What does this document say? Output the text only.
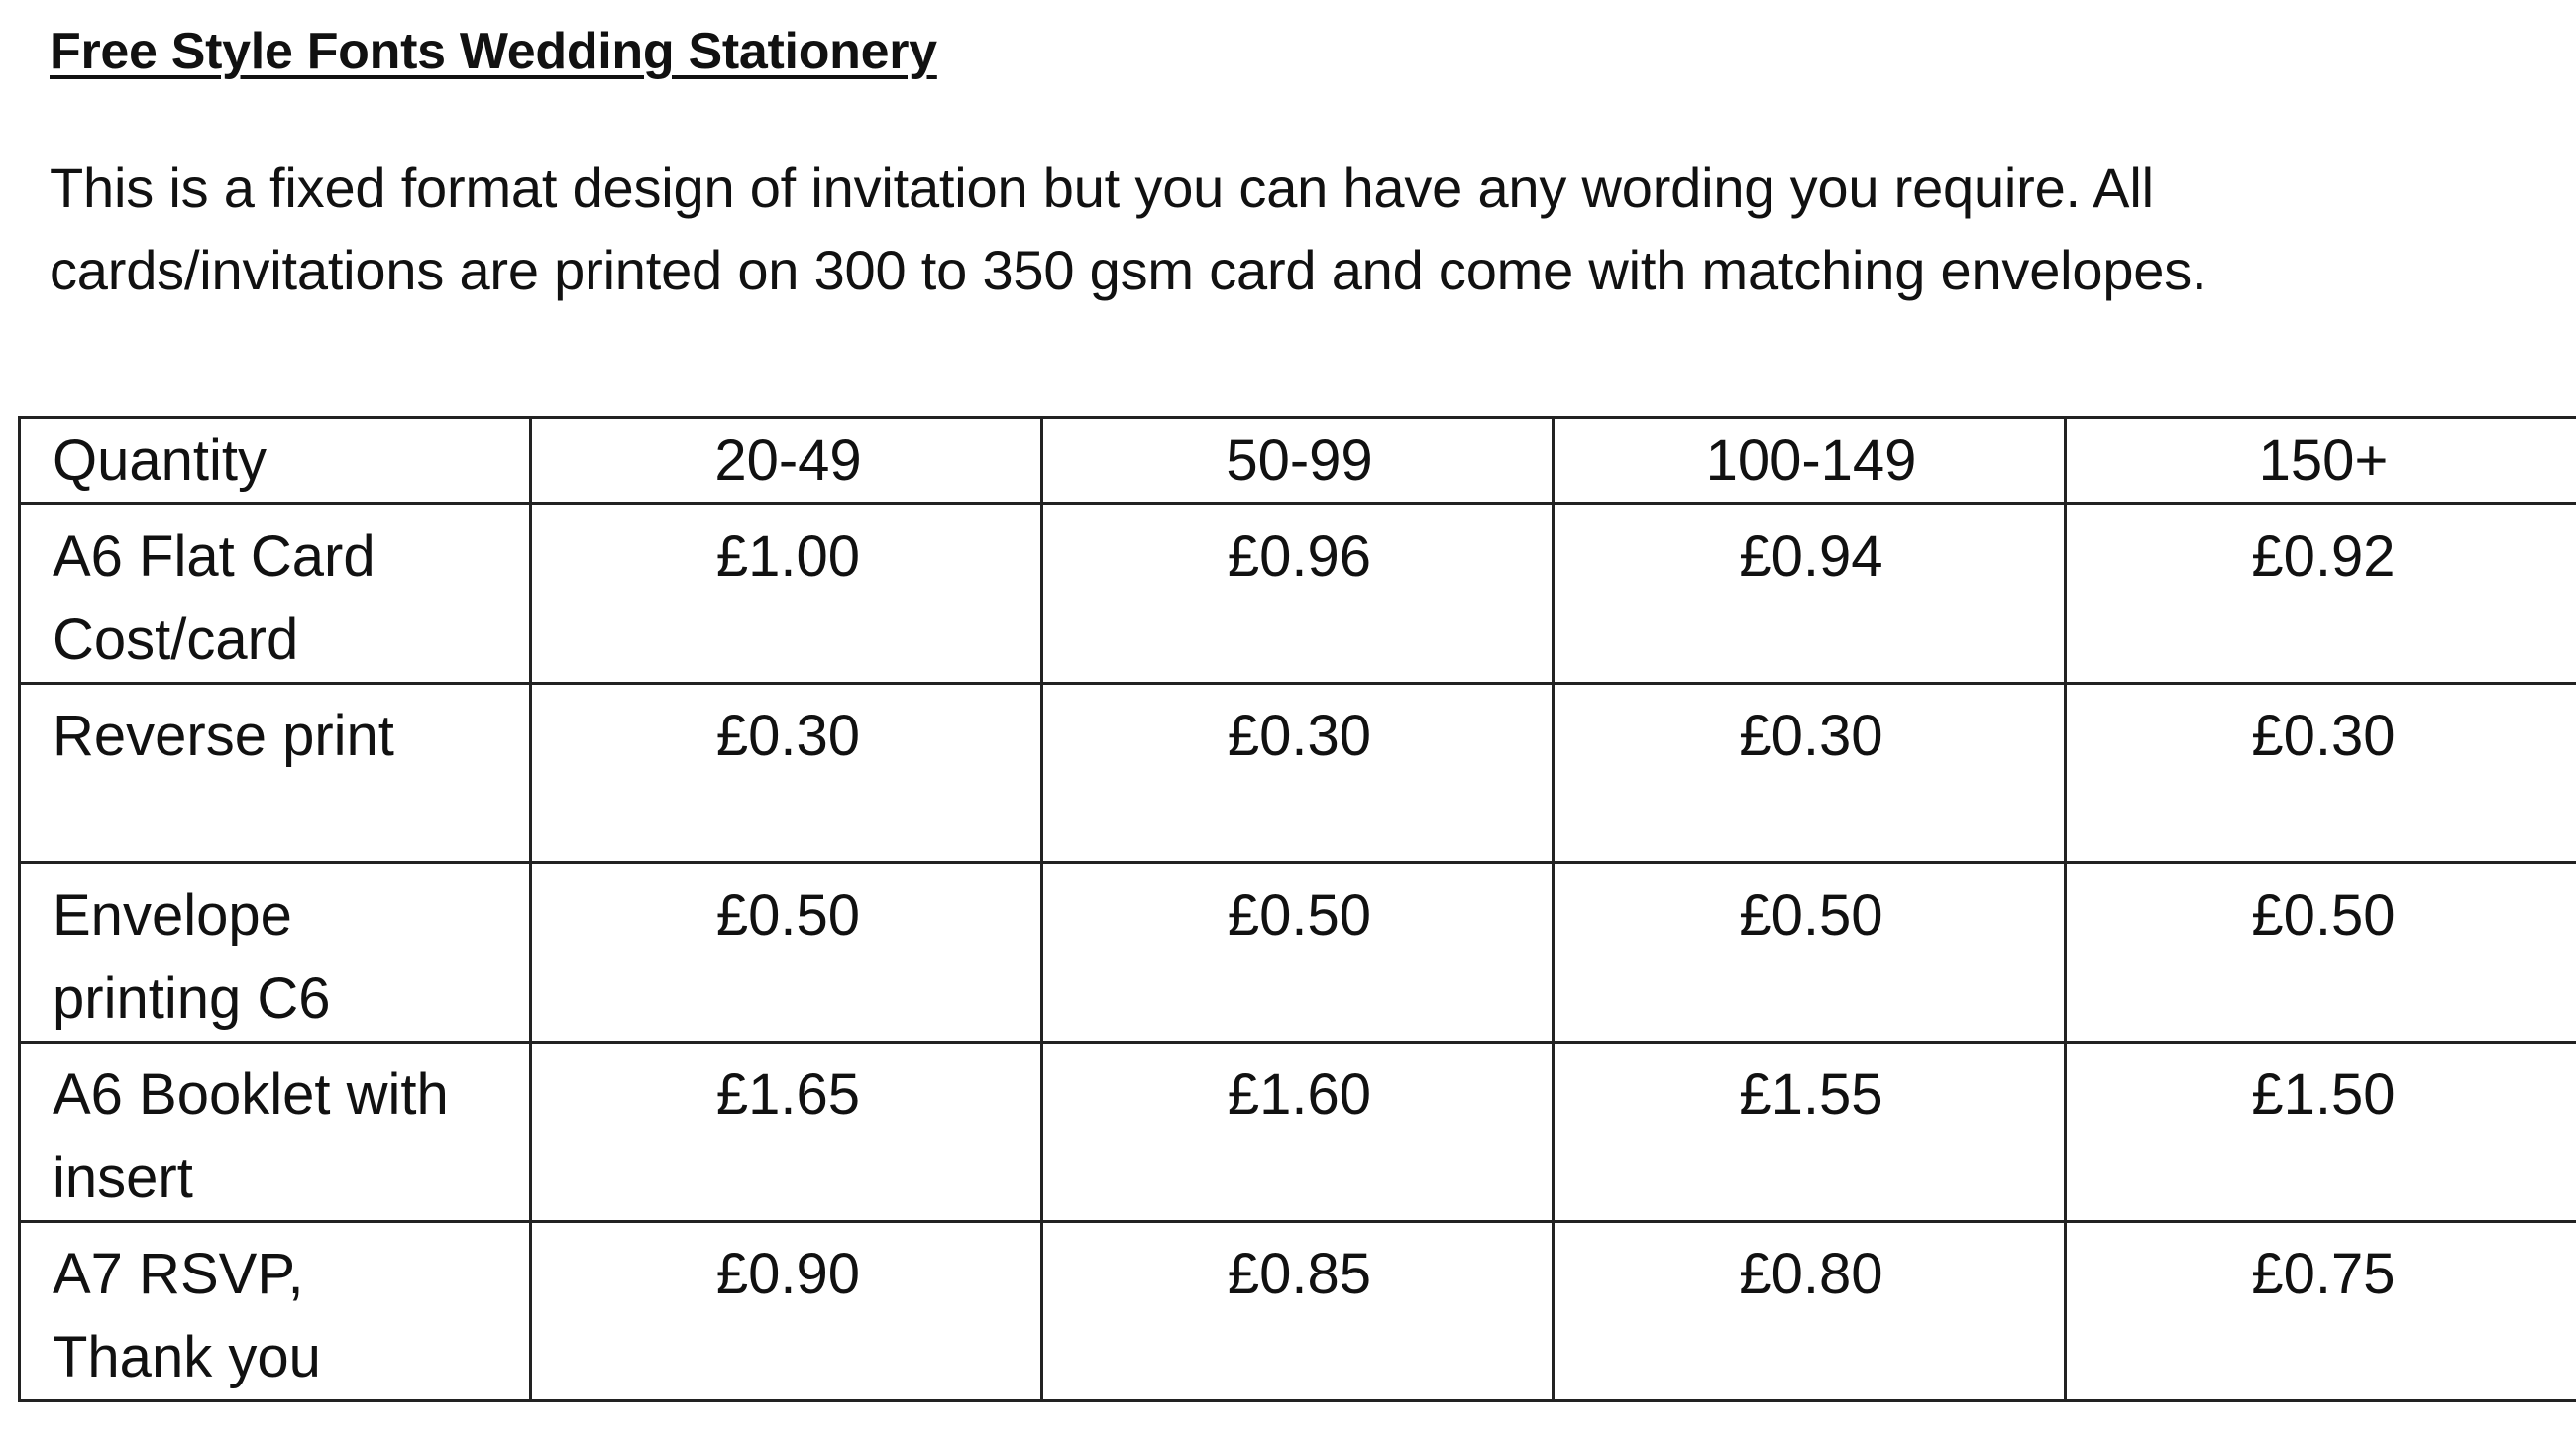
Free Style Fonts Wedding Stationery
This is a fixed format design of invitation but you can have any wording you require. All
cards/invitations are printed on 300 to 350 gsm card and come with matching envelopes.
Quantity	20-49	50-99	100-149	150+

A6 Flat Card
Cost/card	£1.00	£0.96	£0.94	£0.92

Reverse print	£0.30	£0.30	£0.30	£0.30

Envelope
printing C6	£0.50	£0.50	£0.50	£0.50

A6 Booklet with
insert	£1.65	£1.60	£1.55	£1.50

A7 RSVP,
Thank you	£0.90	£0.85	£0.80	£0.75
